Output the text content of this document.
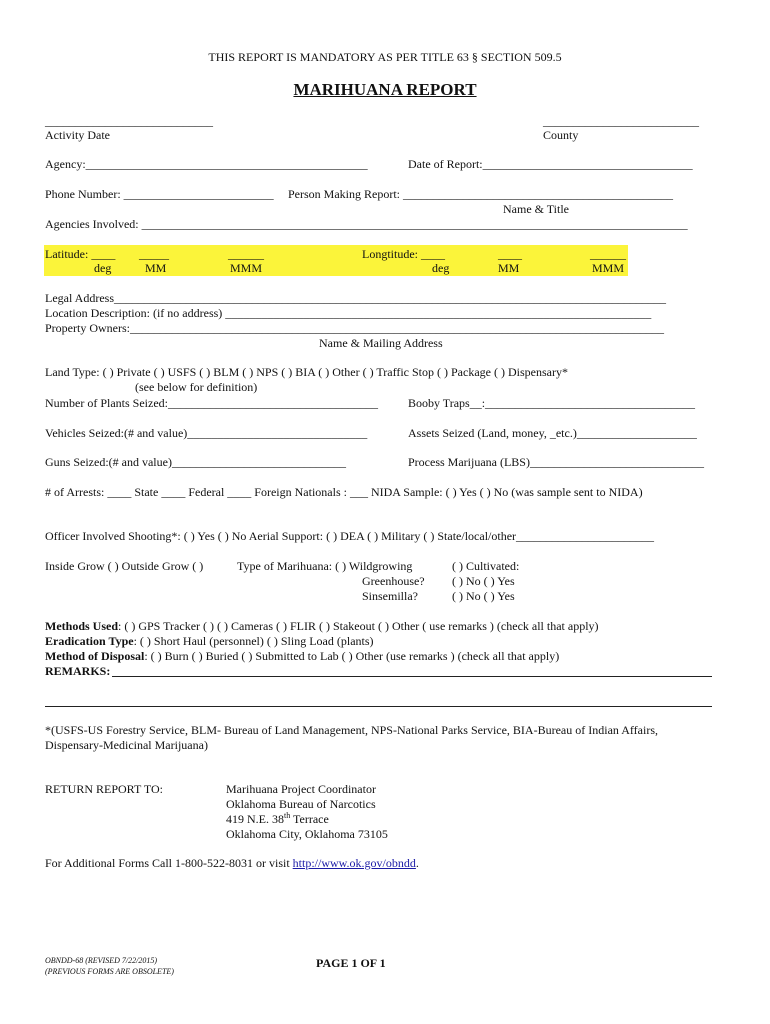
THIS REPORT IS MANDATORY AS PER TITLE 63 § SECTION 509.5
MARIHUANA REPORT
____________________________
Activity Date
__________________________
County
Agency:_______________________________________________	Date of Report:___________________________________
Phone Number: _________________________ Person Making Report: _____________________________________________
Name & Title
Agencies Involved: ___________________________________________________________________________________________
Latitude: ____ _____	______
deg	MM	MMM
Longtitude: ____	____	______
deg	MM	MMM
Legal Address____________________________________________________________________________________________
Location Description: (if no address) _______________________________________________________________________
Property Owners:_________________________________________________________________________________________
Name & Mailing Address
Land Type: ( ) Private ( ) USFS ( ) BLM ( ) NPS ( ) BIA ( ) Other ( ) Traffic Stop ( ) Package ( ) Dispensary*
(see below for definition)
Number of Plants Seized:___________________________________	Booby Traps__:___________________________________
Vehicles Seized:(# and value)______________________________	Assets Seized (Land, money, _etc.)____________________
Guns Seized:(# and value)_____________________________	Process Marijuana (LBS)_____________________________
# of Arrests: ____ State ____ Federal ____ Foreign Nationals : ___ NIDA Sample: ( ) Yes ( ) No (was sample sent to NIDA)
Officer Involved Shooting*: ( ) Yes ( ) No Aerial Support: ( ) DEA ( ) Military ( ) State/local/other_______________________
Inside Grow ( ) Outside Grow ( )	Type of Marihuana: ( ) Wildgrowing	( ) Cultivated:
Greenhouse? ( ) No ( ) Yes
Sinsemilla?	( ) No ( ) Yes
Methods Used: ( ) GPS Tracker ( ) ( ) Cameras ( ) FLIR ( ) Stakeout ( ) Other ( use remarks ) (check all that apply)
Eradication Type: ( ) Short Haul (personnel) ( ) Sling Load (plants)
Method of Disposal: ( ) Burn ( ) Buried ( ) Submitted to Lab ( ) Other (use remarks ) (check all that apply)
REMARKS:
*(USFS-US Forestry Service, BLM- Bureau of Land Management, NPS-National Parks Service, BIA-Bureau of Indian Affairs,
Dispensary-Medicinal Marijuana)
RETURN REPORT TO:	Marihuana Project Coordinator
Oklahoma Bureau of Narcotics
419 N.E. 38th Terrace
Oklahoma City, Oklahoma 73105
For Additional Forms Call 1-800-522-8031 or visit http://www.ok.gov/obndd.
OBNDD-68 (REVISED 7/22/2015)
(PREVIOUS FORMS ARE OBSOLETE)
PAGE 1 OF 1
